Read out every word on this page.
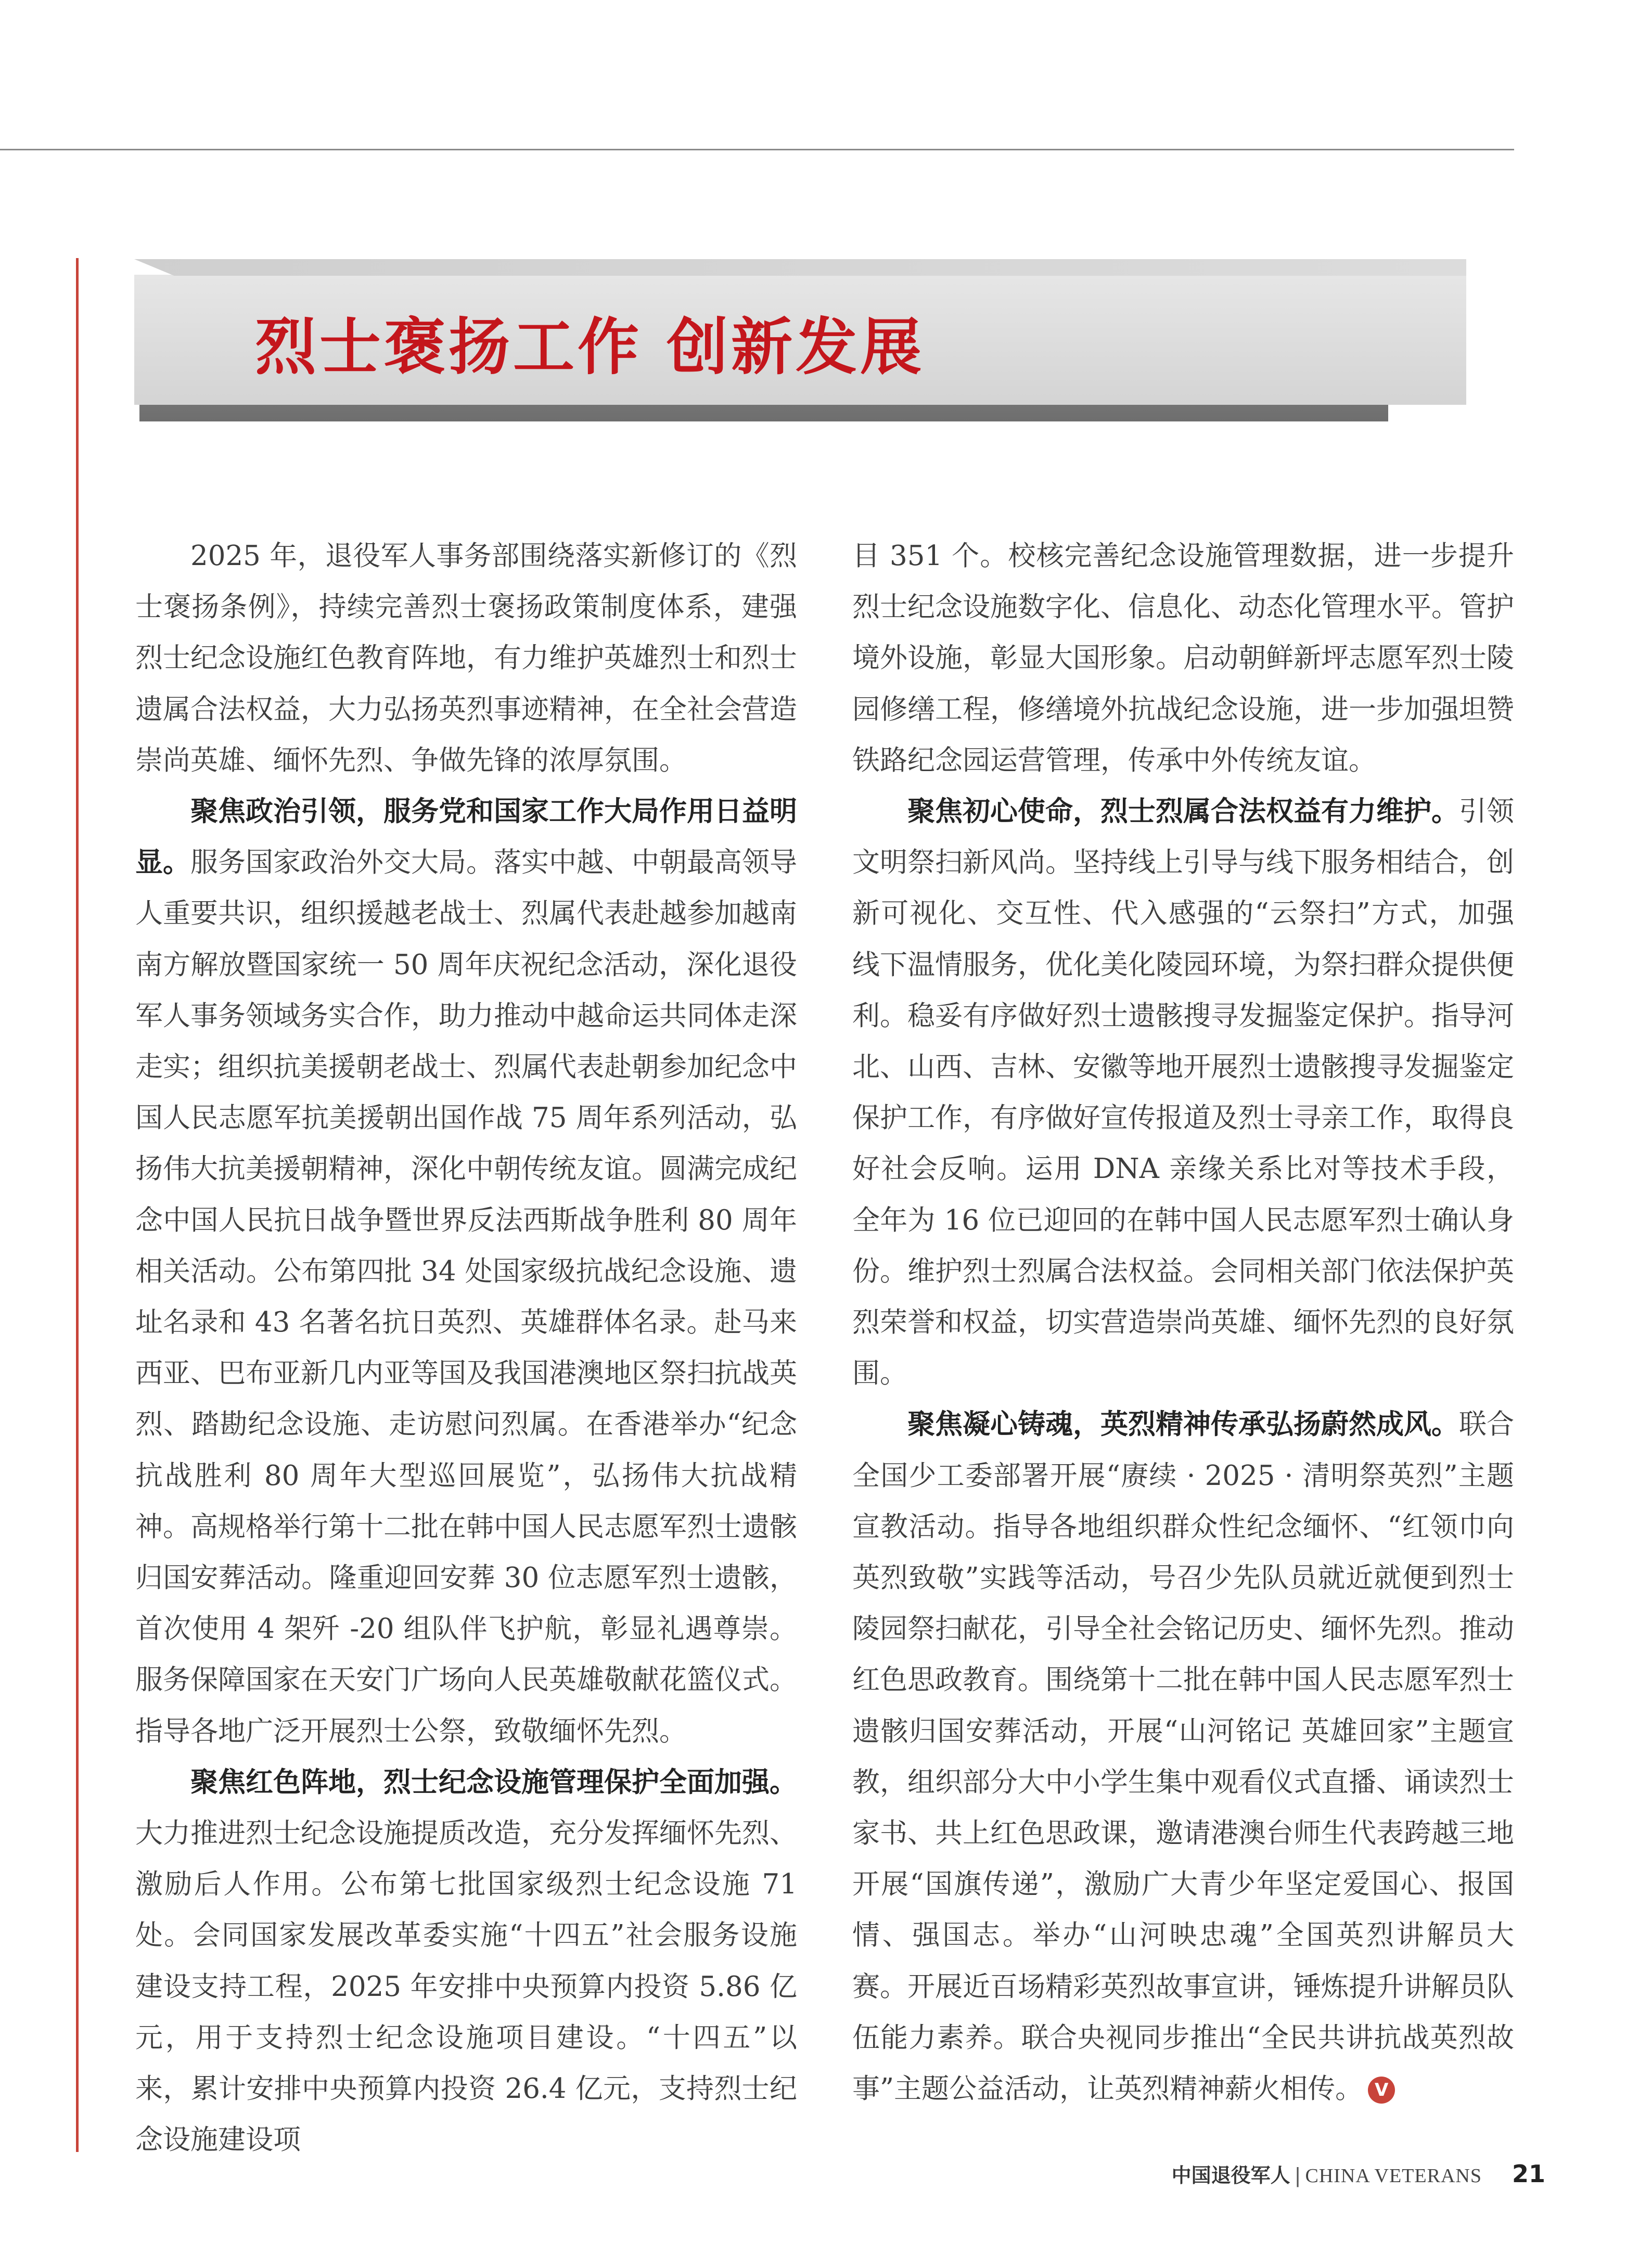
烈士褒扬工作 创新发展

2025 年，退役军人事务部围绕落实新修订的《烈士褒扬条例》，持续完善烈士褒扬政策制度体系，建强烈士纪念设施红色教育阵地，有力维护英雄烈士和烈士遗属合法权益，大力弘扬英烈事迹精神，在全社会营造崇尚英雄、缅怀先烈、争做先锋的浓厚氛围。

聚焦政治引领，服务党和国家工作大局作用日益明显。服务国家政治外交大局。落实中越、中朝最高领导人重要共识，组织援越老战士、烈属代表赴越参加越南南方解放暨国家统一 50 周年庆祝纪念活动，深化退役军人事务领域务实合作，助力推动中越命运共同体走深走实；组织抗美援朝老战士、烈属代表赴朝参加纪念中国人民志愿军抗美援朝出国作战 75 周年系列活动，弘扬伟大抗美援朝精神，深化中朝传统友谊。圆满完成纪念中国人民抗日战争暨世界反法西斯战争胜利 80 周年相关活动。公布第四批 34 处国家级抗战纪念设施、遗址名录和 43 名著名抗日英烈、英雄群体名录。赴马来西亚、巴布亚新几内亚等国及我国港澳地区祭扫抗战英烈、踏勘纪念设施、走访慰问烈属。在香港举办“纪念抗战胜利 80 周年大型巡回展览”，弘扬伟大抗战精神。高规格举行第十二批在韩中国人民志愿军烈士遗骸归国安葬活动。隆重迎回安葬 30 位志愿军烈士遗骸，首次使用 4 架歼 -20 组队伴飞护航，彰显礼遇尊崇。服务保障国家在天安门广场向人民英雄敬献花篮仪式。指导各地广泛开展烈士公祭，致敬缅怀先烈。

聚焦红色阵地，烈士纪念设施管理保护全面加强。大力推进烈士纪念设施提质改造，充分发挥缅怀先烈、激励后人作用。公布第七批国家级烈士纪念设施 71 处。会同国家发展改革委实施“十四五”社会服务设施建设支持工程，2025 年安排中央预算内投资 5.86 亿元，用于支持烈士纪念设施项目建设。“十四五”以来，累计安排中央预算内投资 26.4 亿元，支持烈士纪念设施建设项

目 351 个。校核完善纪念设施管理数据，进一步提升烈士纪念设施数字化、信息化、动态化管理水平。管护境外设施，彰显大国形象。启动朝鲜新坪志愿军烈士陵园修缮工程，修缮境外抗战纪念设施，进一步加强坦赞铁路纪念园运营管理，传承中外传统友谊。

聚焦初心使命，烈士烈属合法权益有力维护。引领文明祭扫新风尚。坚持线上引导与线下服务相结合，创新可视化、交互性、代入感强的“云祭扫”方式，加强线下温情服务，优化美化陵园环境，为祭扫群众提供便利。稳妥有序做好烈士遗骸搜寻发掘鉴定保护。指导河北、山西、吉林、安徽等地开展烈士遗骸搜寻发掘鉴定保护工作，有序做好宣传报道及烈士寻亲工作，取得良好社会反响。运用 DNA 亲缘关系比对等技术手段，全年为 16 位已迎回的在韩中国人民志愿军烈士确认身份。维护烈士烈属合法权益。会同相关部门依法保护英烈荣誉和权益，切实营造崇尚英雄、缅怀先烈的良好氛围。

聚焦凝心铸魂，英烈精神传承弘扬蔚然成风。联合全国少工委部署开展“赓续 · 2025 · 清明祭英烈”主题宣教活动。指导各地组织群众性纪念缅怀、“红领巾向英烈致敬”实践等活动，号召少先队员就近就便到烈士陵园祭扫献花，引导全社会铭记历史、缅怀先烈。推动红色思政教育。围绕第十二批在韩中国人民志愿军烈士遗骸归国安葬活动，开展“山河铭记 英雄回家”主题宣教，组织部分大中小学生集中观看仪式直播、诵读烈士家书、共上红色思政课，邀请港澳台师生代表跨越三地开展“国旗传递”，激励广大青少年坚定爱国心、报国情、强国志。举办“山河映忠魂”全国英烈讲解员大赛。开展近百场精彩英烈故事宣讲，锤炼提升讲解员队伍能力素养。联合央视同步推出“全民共讲抗战英烈故事”主题公益活动，让英烈精神薪火相传。 V

中国退役军人 | CHINA VETERANS 21
